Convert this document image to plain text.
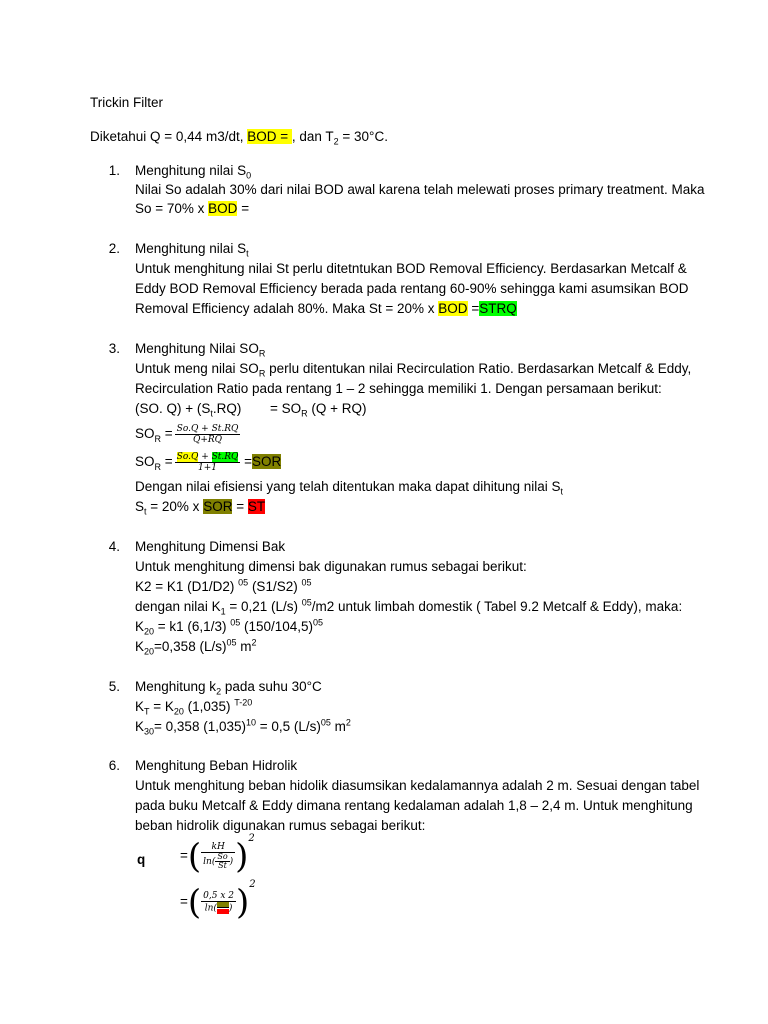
Trickin Filter
Diketahui Q = 0,44 m3/dt, BOD = , dan $T_2 = 30^\circ C$.
1. Menghitung nilai $S_0$
Nilai So adalah 30% dari nilai BOD awal karena telah melewati proses primary treatment. Maka
So = 70% x BOD =
2. Menghitung nilai $S_t$
Untuk menghitung nilai St perlu ditetntukan BOD Removal Efficiency. Berdasarkan Metcalf &
Eddy BOD Removal Efficiency berada pada rentang 60-90% sehingga kami asumsikan BOD
Removal Efficiency adalah 80%. Maka St = 20% x BOD =STRQ
3. Menghitung Nilai $SO_R$
Untuk meng nilai $SO_R$ perlu ditentukan nilai Recirculation Ratio. Berdasarkan Metcalf & Eddy,
Recirculation Ratio pada rentang 1 – 2 sehingga memiliki 1. Dengan persamaan berikut:
(SO. $Q) + (S_t.RQ) = SO_R$ (Q + RQ)
$SO_R = \frac{So.Q + St.RQ}{Q+RQ}$
$SO_R = \frac{So.Q + St.RQ}{1+1} =SOR$
Dengan nilai efisiensi yang telah ditentukan maka dapat dihitung nilai $S_t$
$S_t = 20\%$ x SOR = ST
4. Menghitung Dimensi Bak
Untuk menghitung dimensi bak digunakan rumus sebagai berikut:
K2 = K1 (D1/D2) $^{05}$ (S1/S2) $^{05}$
dengan nilai $K_1 = 0,21$ (L/s) $^{05}$/m2 untuk limbah domestik ( Tabel 9.2 Metcalf & Eddy), maka:
$K_{20} = k1$ (6,1/3) $^{05}$ $(150/104,5)^{05}$
$K_{20}=0,358$ $(L/s)^{05}$ $m^2$
5. Menghitung $k_2$ pada suhu 30°C
$K_T = K_{20}$ (1,035) $^{T-20}$
$K_{30}= 0,358$ $(1,035)^{10} = 0,5$ $(L/s)^{05}$ $m^2$
6. Menghitung Beban Hidrolik
Untuk menghitung beban hidolik diasumsikan kedalamannya adalah 2 m. Sesuai dengan tabel
pada buku Metcalf & Eddy dimana rentang kedalaman adalah 1,8 – 2,4 m. Untuk menghitung
beban hidrolik digunakan rumus sebagai berikut:
q	=( $\frac{kH}{\ln( \frac{So}{St} )} )^2$
=( $\frac{0,5 x 2}{\ln( )} )^2$
